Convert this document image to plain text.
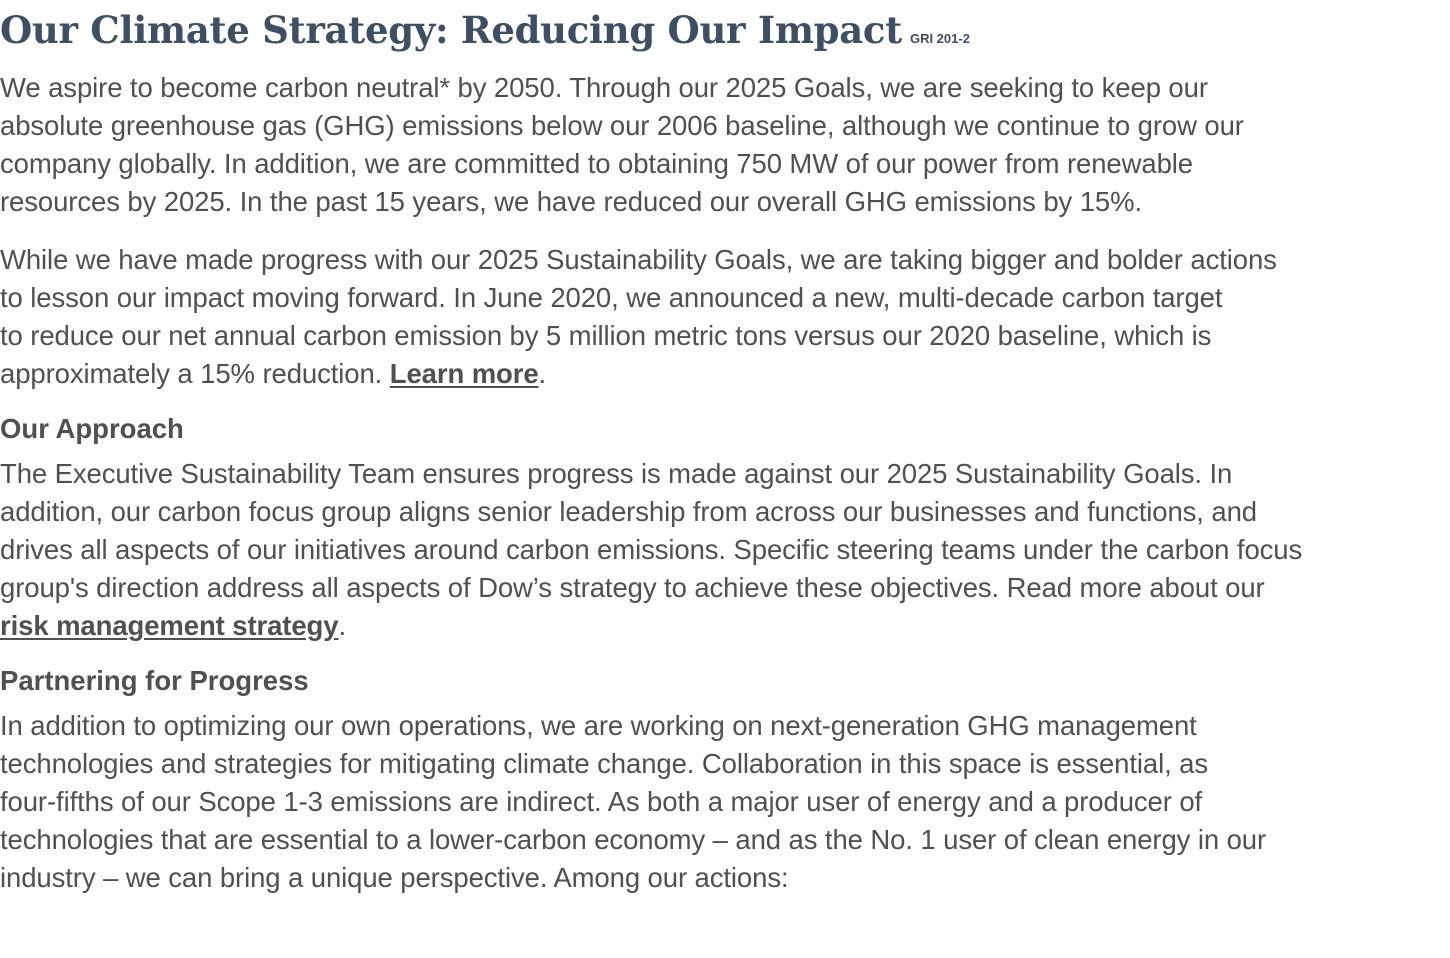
Our Climate Strategy: Reducing Our Impact GRI 201-2
We aspire to become carbon neutral* by 2050. Through our 2025 Goals, we are seeking to keep our
absolute greenhouse gas (GHG) emissions below our 2006 baseline, although we continue to grow our
company globally. In addition, we are committed to obtaining 750 MW of our power from renewable
resources by 2025. In the past 15 years, we have reduced our overall GHG emissions by 15%.
While we have made progress with our 2025 Sustainability Goals, we are taking bigger and bolder actions
to lesson our impact moving forward. In June 2020, we announced a new, multi-decade carbon target
to reduce our net annual carbon emission by 5 million metric tons versus our 2020 baseline, which is
approximately a 15% reduction. Learn more.
Our Approach
The Executive Sustainability Team ensures progress is made against our 2025 Sustainability Goals. In
addition, our carbon focus group aligns senior leadership from across our businesses and functions, and
drives all aspects of our initiatives around carbon emissions. Specific steering teams under the carbon focus
group's direction address all aspects of Dow’s strategy to achieve these objectives. Read more about our
risk management strategy.
Partnering for Progress
In addition to optimizing our own operations, we are working on next-generation GHG management
technologies and strategies for mitigating climate change. Collaboration in this space is essential, as
four-fifths of our Scope 1-3 emissions are indirect. As both a major user of energy and a producer of
technologies that are essential to a lower-carbon economy – and as the No. 1 user of clean energy in our
industry – we can bring a unique perspective. Among our actions:
